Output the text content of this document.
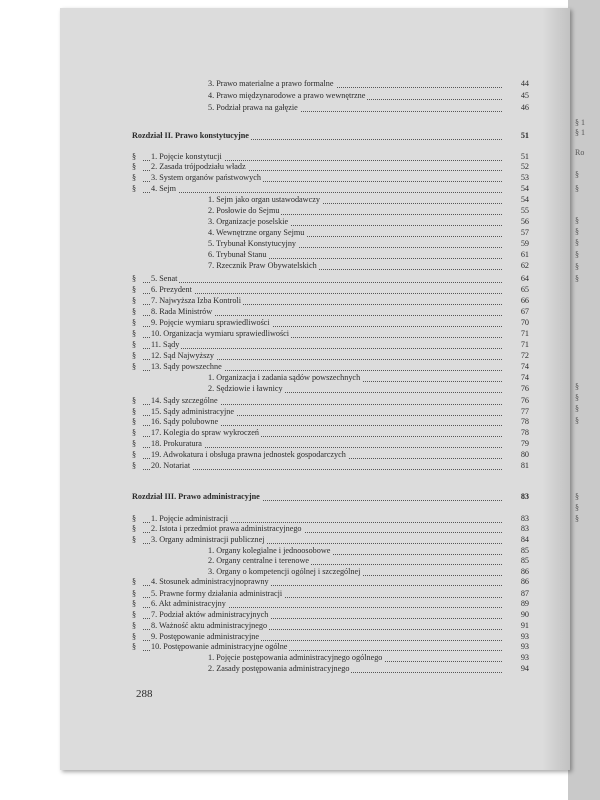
§ 1
§ 1
Ro
§
§
§
§
§
§
§
§
§
§
§
§
§
§
§
3. Prawo materialne a prawo formalne	44
4. Prawo międzynarodowe a prawo wewnętrzne	45
5. Podział prawa na gałęzie	46
Rozdział II. Prawo konstytucyjne	51
§ 1. Pojęcie konstytucji	51
§ 2. Zasada trójpodziału władz	52
§ 3. System organów państwowych	53
§ 4. Sejm	54
1. Sejm jako organ ustawodawczy	54
2. Posłowie do Sejmu	55
3. Organizacje poselskie	56
4. Wewnętrzne organy Sejmu	57
5. Trybunał Konstytucyjny	59
6. Trybunał Stanu	61
7. Rzecznik Praw Obywatelskich	62
§ 5. Senat	64
§ 6. Prezydent	65
§ 7. Najwyższa Izba Kontroli	66
§ 8. Rada Ministrów	67
§ 9. Pojęcie wymiaru sprawiedliwości	70
§ 10. Organizacja wymiaru sprawiedliwości	71
§ 11. Sądy	71
§ 12. Sąd Najwyższy	72
§ 13. Sądy powszechne	74
1. Organizacja i zadania sądów powszechnych	74
2. Sędziowie i ławnicy	76
§ 14. Sądy szczególne	76
§ 15. Sądy administracyjne	77
§ 16. Sądy polubowne	78
§ 17. Kolegia do spraw wykroczeń	78
§ 18. Prokuratura	79
§ 19. Adwokatura i obsługa prawna jednostek gospodarczych	80
§ 20. Notariat	81
Rozdział III. Prawo administracyjne	83
§ 1. Pojęcie administracji	83
§ 2. Istota i przedmiot prawa administracyjnego	83
§ 3. Organy administracji publicznej	84
1. Organy kolegialne i jednoosobowe	85
2. Organy centralne i terenowe	85
3. Organy o kompetencji ogólnej i szczególnej	86
§ 4. Stosunek administracyjnoprawny	86
§ 5. Prawne formy działania administracji	87
§ 6. Akt administracyjny	89
§ 7. Podział aktów administracyjnych	90
§ 8. Ważność aktu administracyjnego	91
§ 9. Postępowanie administracyjne	93
§ 10. Postępowanie administracyjne ogólne	93
1. Pojęcie postępowania administracyjnego ogólnego	93
2. Zasady postępowania administracyjnego	94
288
